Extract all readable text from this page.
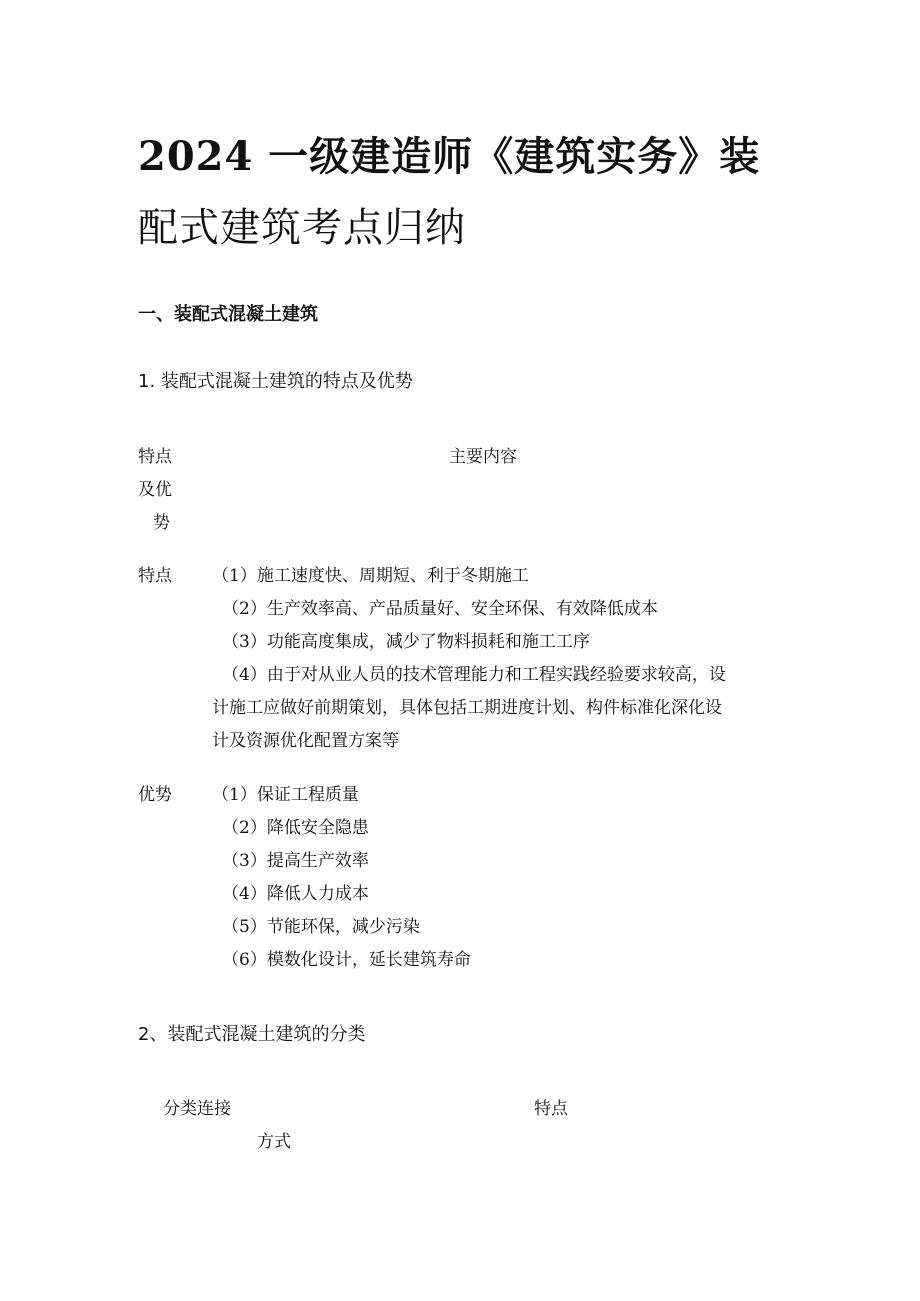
2024 一级建造师《建筑实务》装
配式建筑考点归纳
一、装配式混凝土建筑
1. 装配式混凝土建筑的特点及优势
特点
及优
势
主要内容
特点 （1）施工速度快、周期短、利于冬期施工
（2）生产效率高、产品质量好、安全环保、有效降低成本
（3）功能高度集成，减少了物料损耗和施工工序
（4）由于对从业人员的技术管理能力和工程实践经验要求较高，设
计施工应做好前期策划，具体包括工期进度计划、构件标准化深化设
计及资源优化配置方案等
优势 （1）保证工程质量
（2）降低安全隐患
（3）提高生产效率
（4）降低人力成本
（5）节能环保，减少污染
（6）模数化设计，延长建筑寿命
2、装配式混凝土建筑的分类
分类连接
方式
特点
